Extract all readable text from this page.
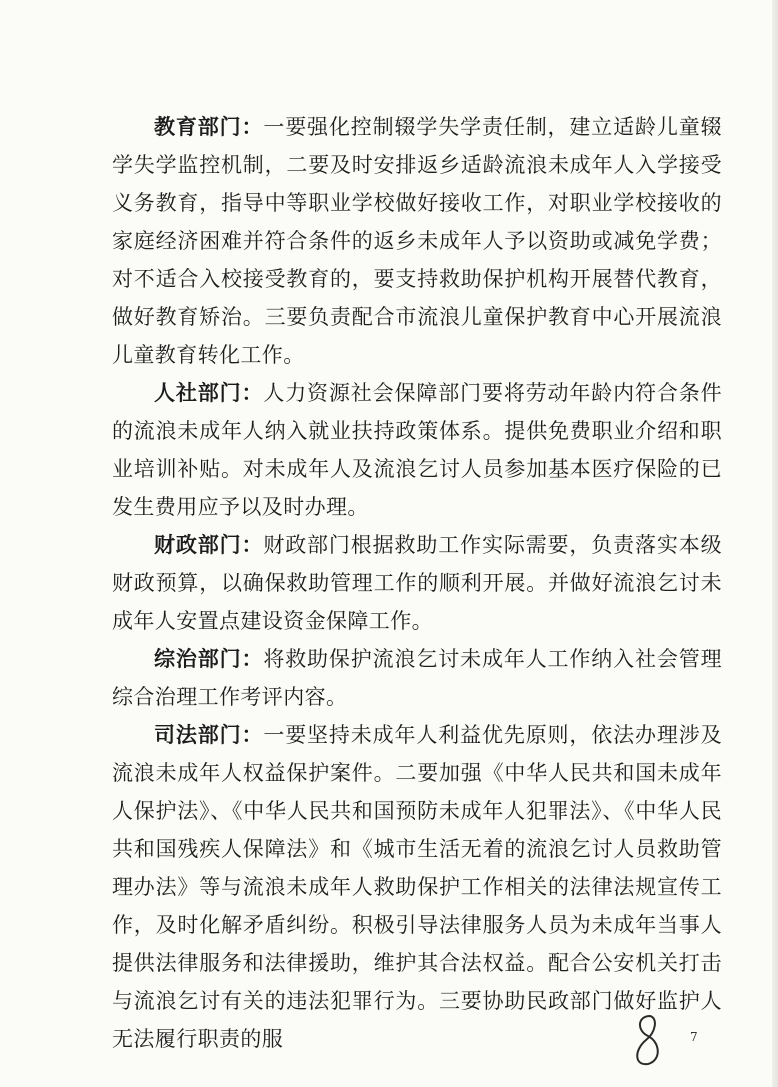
教育部门：一要强化控制辍学失学责任制，建立适龄儿童辍学失学监控机制，二要及时安排返乡适龄流浪未成年人入学接受义务教育，指导中等职业学校做好接收工作，对职业学校接收的家庭经济困难并符合条件的返乡未成年人予以资助或减免学费；对不适合入校接受教育的，要支持救助保护机构开展替代教育，做好教育矫治。三要负责配合市流浪儿童保护教育中心开展流浪儿童教育转化工作。

人社部门：人力资源社会保障部门要将劳动年龄内符合条件的流浪未成年人纳入就业扶持政策体系。提供免费职业介绍和职业培训补贴。对未成年人及流浪乞讨人员参加基本医疗保险的已发生费用应予以及时办理。

财政部门：财政部门根据救助工作实际需要，负责落实本级财政预算，以确保救助管理工作的顺利开展。并做好流浪乞讨未成年人安置点建设资金保障工作。

综治部门：将救助保护流浪乞讨未成年人工作纳入社会管理综合治理工作考评内容。

司法部门：一要坚持未成年人利益优先原则，依法办理涉及流浪未成年人权益保护案件。二要加强《中华人民共和国未成年人保护法》、《中华人民共和国预防未成年人犯罪法》、《中华人民共和国残疾人保障法》和《城市生活无着的流浪乞讨人员救助管理办法》等与流浪未成年人救助保护工作相关的法律法规宣传工作，及时化解矛盾纠纷。积极引导法律服务人员为未成年当事人提供法律服务和法律援助，维护其合法权益。配合公安机关打击与流浪乞讨有关的违法犯罪行为。三要协助民政部门做好监护人无法履行职责的服	7
